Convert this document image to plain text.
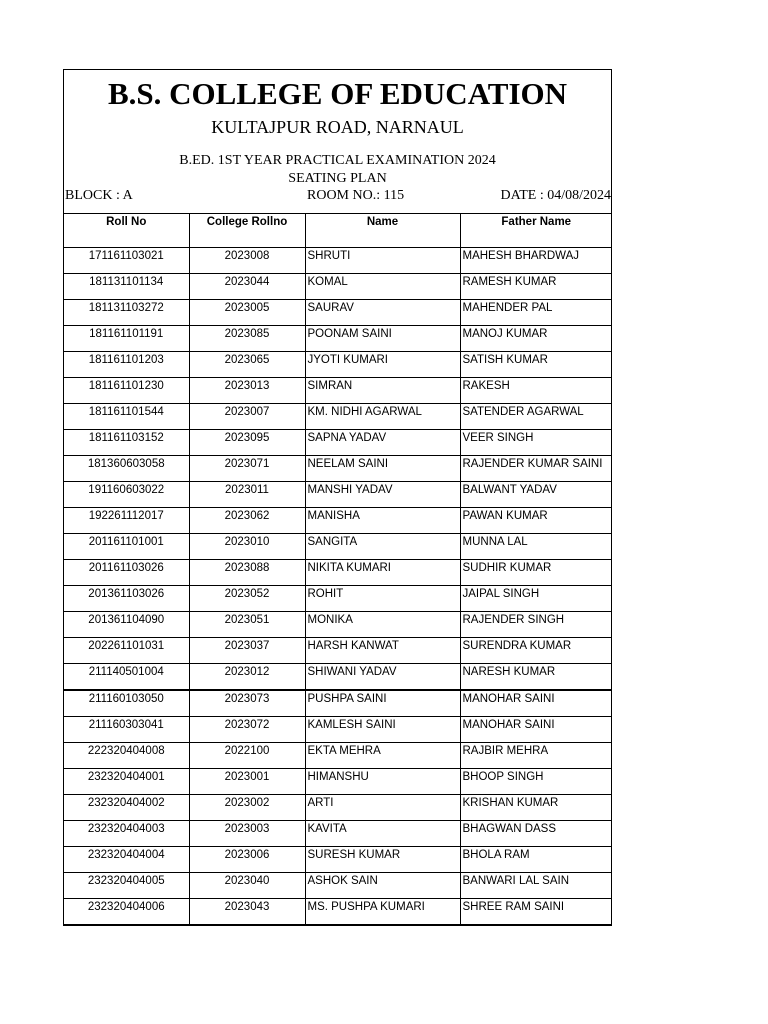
B.S. COLLEGE OF EDUCATION
KULTAJPUR ROAD, NARNAUL
B.ED. 1ST YEAR PRACTICAL EXAMINATION 2024
SEATING PLAN
BLOCK : A	ROOM NO.: 115	DATE : 04/08/2024
Roll No	College Rollno	Name	Father Name
171161103021	2023008	SHRUTI	MAHESH BHARDWAJ
181131101134	2023044	KOMAL	RAMESH KUMAR
181131103272	2023005	SAURAV	MAHENDER PAL
181161101191	2023085	POONAM SAINI	MANOJ KUMAR
181161101203	2023065	JYOTI KUMARI	SATISH KUMAR
181161101230	2023013	SIMRAN	RAKESH
181161101544	2023007	KM. NIDHI AGARWAL	SATENDER AGARWAL
181161103152	2023095	SAPNA YADAV	VEER SINGH
181360603058	2023071	NEELAM SAINI	RAJENDER KUMAR SAINI
191160603022	2023011	MANSHI YADAV	BALWANT YADAV
192261112017	2023062	MANISHA	PAWAN KUMAR
201161101001	2023010	SANGITA	MUNNA LAL
201161103026	2023088	NIKITA KUMARI	SUDHIR KUMAR
201361103026	2023052	ROHIT	JAIPAL SINGH
201361104090	2023051	MONIKA	RAJENDER SINGH
202261101031	2023037	HARSH KANWAT	SURENDRA KUMAR
211140501004	2023012	SHIWANI YADAV	NARESH KUMAR
211160103050	2023073	PUSHPA SAINI	MANOHAR SAINI
211160303041	2023072	KAMLESH SAINI	MANOHAR SAINI
222320404008	2022100	EKTA MEHRA	RAJBIR MEHRA
232320404001	2023001	HIMANSHU	BHOOP SINGH
232320404002	2023002	ARTI	KRISHAN KUMAR
232320404003	2023003	KAVITA	BHAGWAN DASS
232320404004	2023006	SURESH KUMAR	BHOLA RAM
232320404005	2023040	ASHOK SAIN	BANWARI LAL SAIN
232320404006	2023043	MS. PUSHPA KUMARI	SHREE RAM SAINI
